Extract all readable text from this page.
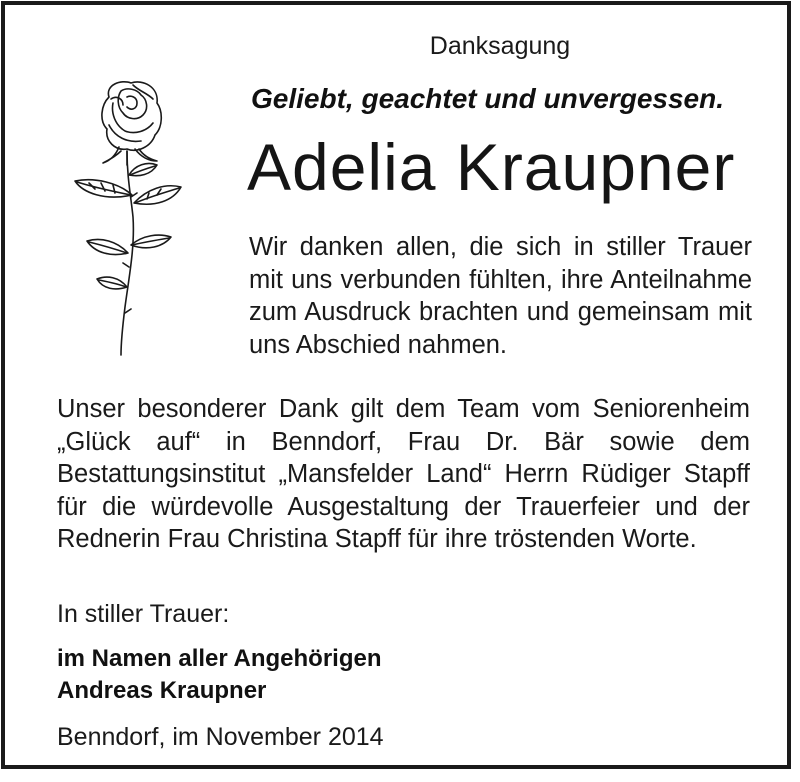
Danksagung
Geliebt, geachtet und unvergessen.
Adelia Kraupner

Wir danken allen, die sich in stiller Trauer mit uns verbunden fühlten, ihre Anteilnahme zum Ausdruck brachten und gemeinsam mit uns Abschied nahmen.

Unser besonderer Dank gilt dem Team vom Seniorenheim „Glück auf“ in Benndorf, Frau Dr. Bär sowie dem Bestattungsinstitut „Mansfelder Land“ Herrn Rüdiger Stapff für die würdevolle Ausgestaltung der Trauerfeier und der Rednerin Frau Christina Stapff für ihre tröstenden Worte.

In stiller Trauer:
im Namen aller Angehörigen
Andreas Kraupner
Benndorf, im November 2014
